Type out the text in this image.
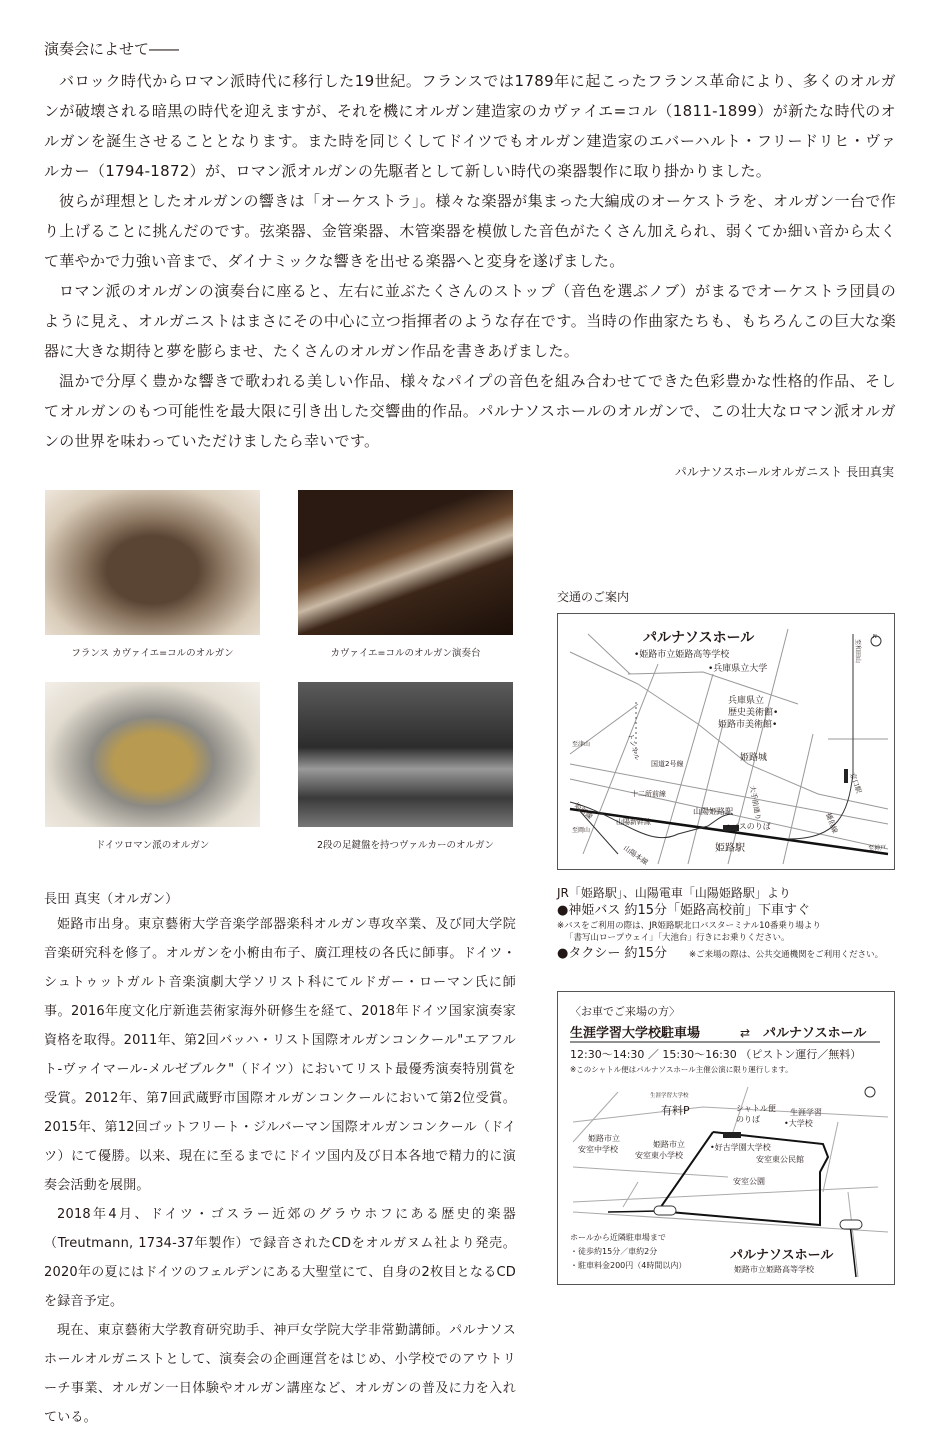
演奏会によせて――

バロック時代からロマン派時代に移行した19世紀。フランスでは1789年に起こったフランス革命により、多くのオルガンが破壊される暗黒の時代を迎えますが、それを機にオルガン建造家のカヴァイエ=コル（1811-1899）が新たな時代のオルガンを誕生させることとなります。また時を同じくしてドイツでもオルガン建造家のエバーハルト・フリードリヒ・ヴァルカー（1794-1872）が、ロマン派オルガンの先駆者として新しい時代の楽器製作に取り掛かりました。

彼らが理想としたオルガンの響きは「オーケストラ」。様々な楽器が集まった大編成のオーケストラを、オルガン一台で作り上げることに挑んだのです。弦楽器、金管楽器、木管楽器を模倣した音色がたくさん加えられ、弱くてか細い音から太くて華やかで力強い音まで、ダイナミックな響きを出せる楽器へと変身を遂げました。

ロマン派のオルガンの演奏台に座ると、左右に並ぶたくさんのストップ（音色を選ぶノブ）がまるでオーケストラ団員のように見え、オルガニストはまさにその中心に立つ指揮者のような存在です。当時の作曲家たちも、もちろんこの巨大な楽器に大きな期待と夢を膨らませ、たくさんのオルガン作品を書きあげました。

温かで分厚く豊かな響きで歌われる美しい作品、様々なパイプの音色を組み合わせてできた色彩豊かな性格的作品、そしてオルガンのもつ可能性を最大限に引き出した交響曲的作品。パルナソスホールのオルガンで、この壮大なロマン派オルガンの世界を味わっていただけましたら幸いです。

パルナソスホールオルガニスト 長田真実
フランス カヴァイエ=コルのオルガン	カヴァイエ=コルのオルガン演奏台
ドイツロマン派のオルガン	2段の足鍵盤を持つヴァルカーのオルガン
交通のご案内
パルナソスホール
•姫路市立姫路高等学校
•兵庫県立大学
兵庫県立
歴史美術館•
姫路市美術館•
姫路城
トンネル
国道2号線
十二所前線
山陽姫路駅
•バスのりば
姫路駅
山陽新幹線
山陽本線
姫新線
至津山
至岡山
至神戸
至和田山
京口駅
播但線
大手前通り
N
JR「姫路駅」、山陽電車「山陽姫路駅」より
●神姫バス 約15分「姫路高校前」下車すぐ
※バスをご利用の際は、JR姫路駅北口バスターミナル10番乗り場より
「書写山ロープウェイ」「大池台」行きにお乗りください。
●タクシー 約15分	※ご来場の際は、公共交通機関をご利用ください。
〈お車でご来場の方〉
生涯学習大学校駐車場	⇄ パルナソスホール
12:30〜14:30 ／ 15:30〜16:30 （ピストン運行／無料）
※このシャトル便はパルナソスホール主催公演に限り運行します。
生涯学習大学校
有料P	シャトル便
のりば
生涯学習
•大学校
姫路市立
安室中学校
姫路市立
安室東小学校
•好古学園大学校
安室東公民館
安室公園
ホールから近隣駐車場まで
・徒歩約15分／車約2分
・駐車料金200円（4時間以内）
パルナソスホール
姫路市立姫路高等学校
長田 真実（オルガン）

姫路市出身。東京藝術大学音楽学部器楽科オルガン専攻卒業、及び同大学院音楽研究科を修了。オルガンを小椨由布子、廣江理枝の各氏に師事。ドイツ・シュトゥットガルト音楽演劇大学ソリスト科にてルドガー・ローマン氏に師事。2016年度文化庁新進芸術家海外研修生を経て、2018年ドイツ国家演奏家資格を取得。2011年、第2回バッハ・リスト国際オルガンコンクール"エアフルト-ヴァイマール-メルゼブルク"（ドイツ）においてリスト最優秀演奏特別賞を受賞。2012年、第7回武蔵野市国際オルガンコンクールにおいて第2位受賞。2015年、第12回ゴットフリート・ジルバーマン国際オルガンコンクール（ドイツ）にて優勝。以来、現在に至るまでにドイツ国内及び日本各地で精力的に演奏会活動を展開。

2018年4月、ドイツ・ゴスラー近郊のグラウホフにある歴史的楽器（Treutmann, 1734-37年製作）で録音されたCDをオルガヌム社より発売。2020年の夏にはドイツのフェルデンにある大聖堂にて、自身の2枚目となるCDを録音予定。

現在、東京藝術大学教育研究助手、神戸女学院大学非常勤講師。パルナソスホールオルガニストとして、演奏会の企画運営をはじめ、小学校でのアウトリーチ事業、オルガン一日体験やオルガン講座など、オルガンの普及に力を入れている。
